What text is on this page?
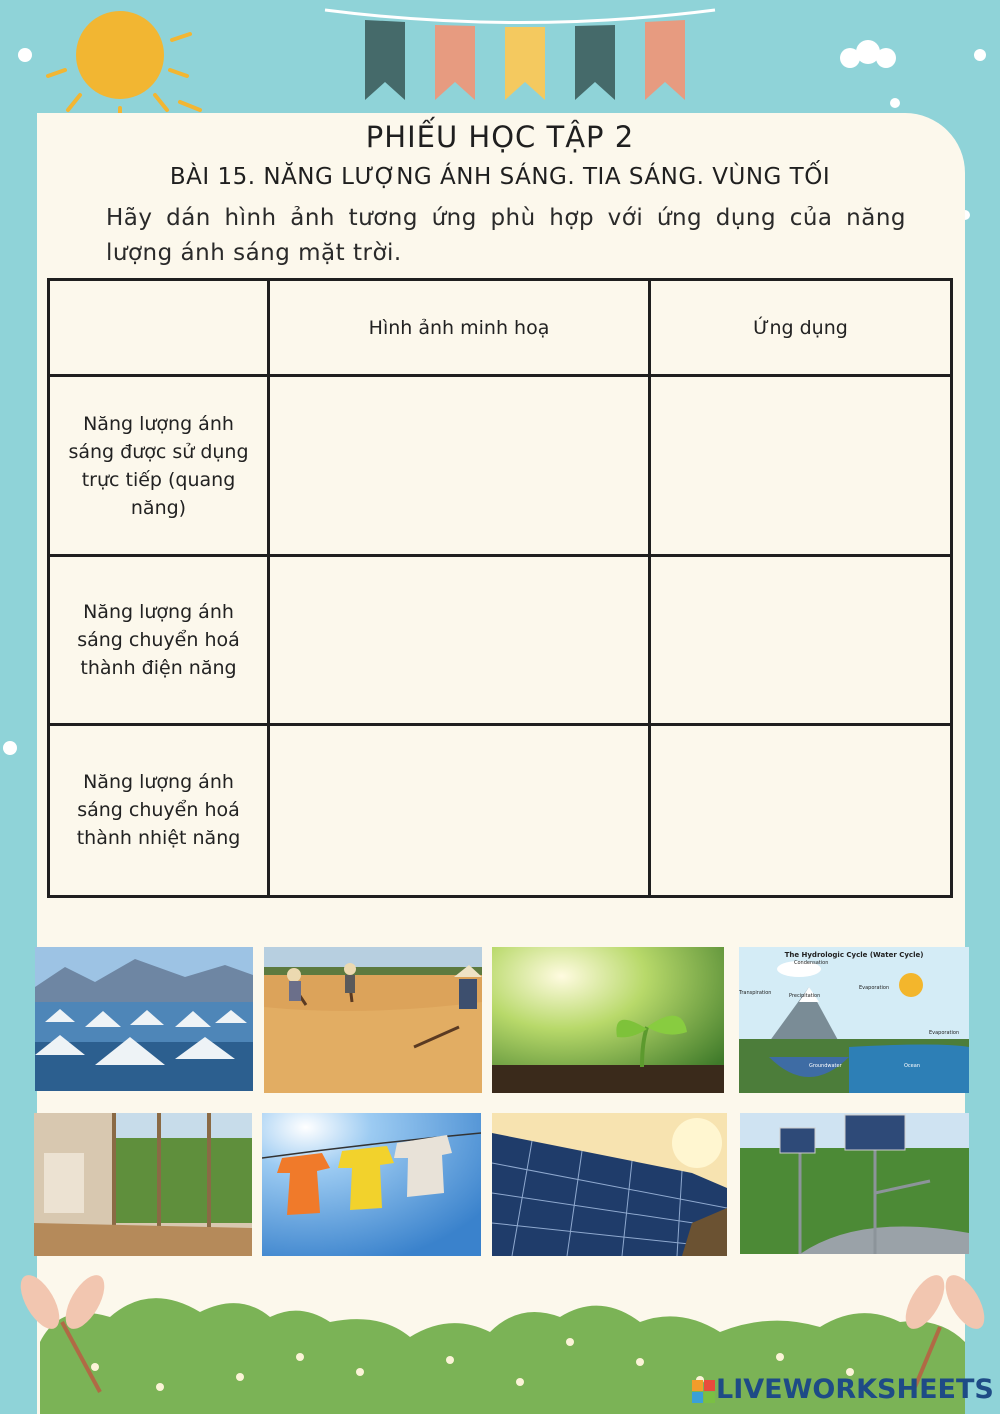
PHIẾU HỌC TẬP 2
BÀI 15. NĂNG LƯỢNG ÁNH SÁNG. TIA SÁNG. VÙNG TỐI
Hãy dán hình ảnh tương ứng phù hợp với ứng dụng của năng lượng ánh sáng mặt trời.
	Hình ảnh minh hoạ	Ứng dụng
Năng lượng ánh sáng được sử dụng trực tiếp (quang năng)		
Năng lượng ánh sáng chuyển hoá thành điện năng		
Năng lượng ánh sáng chuyển hoá thành nhiệt năng		
The Hydrologic Cycle (Water Cycle)
Transpiration	Precipitation
Evaporation
Evaporation
Condensation
Groundwater	Ocean
LIVEWORKSHEETS
